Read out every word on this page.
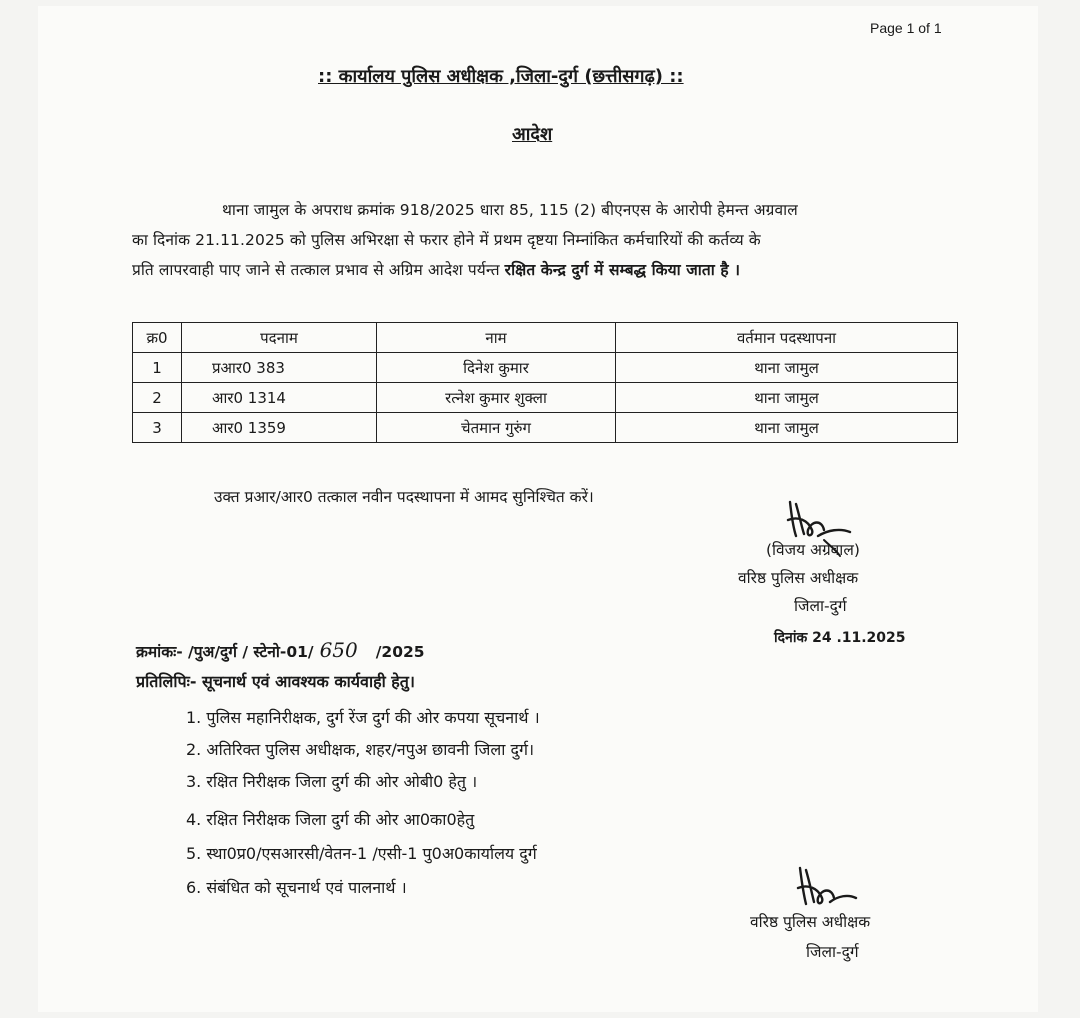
Page 1 of 1
:: कार्यालय पुलिस अधीक्षक ,जिला-दुर्ग (छत्तीसगढ़) ::
आदेश
थाना जामुल के अपराध क्रमांक 918/2025 धारा 85, 115 (2) बीएनएस के आरोपी हेमन्त अग्रवाल
का दिनांक 21.11.2025 को पुलिस अभिरक्षा से फरार होने में प्रथम दृष्टया निम्नांकित कर्मचारियों की कर्तव्य के
प्रति लापरवाही पाए जाने से तत्काल प्रभाव से अग्रिम आदेश पर्यन्त रक्षित केन्द्र दुर्ग में सम्बद्ध किया जाता है ।
क्र0	पदनाम	नाम	वर्तमान पदस्थापना
1	प्रआर0 383	दिनेश कुमार	थाना जामुल
2	आर0 1314	रत्नेश कुमार शुक्ला	थाना जामुल
3	आर0 1359	चेतमान गुरुंग	थाना जामुल
उक्त प्रआर/आर0 तत्काल नवीन पदस्थापना में आमद सुनिश्चित करें।
(विजय अग्रवाल)
वरिष्ठ पुलिस अधीक्षक
जिला-दुर्ग
दिनांक 24 .11.2025
क्रमांकः- /पुअ/दुर्ग / स्टेनो-01/ 650 /2025
प्रतिलिपिः- सूचनार्थ एवं आवश्यक कार्यवाही हेतु।
1. पुलिस महानिरीक्षक, दुर्ग रेंज दुर्ग की ओर कपया सूचनार्थ ।
2. अतिरिक्त पुलिस अधीक्षक, शहर/नपुअ छावनी जिला दुर्ग।
3. रक्षित निरीक्षक जिला दुर्ग की ओर ओबी0 हेतु ।
4. रक्षित निरीक्षक जिला दुर्ग की ओर आ0का0हेतु
5. स्था0प्र0/एसआरसी/वेतन-1 /एसी-1 पु0अ0कार्यालय दुर्ग
6. संबंधित को सूचनार्थ एवं पालनार्थ ।
वरिष्ठ पुलिस अधीक्षक
जिला-दुर्ग
